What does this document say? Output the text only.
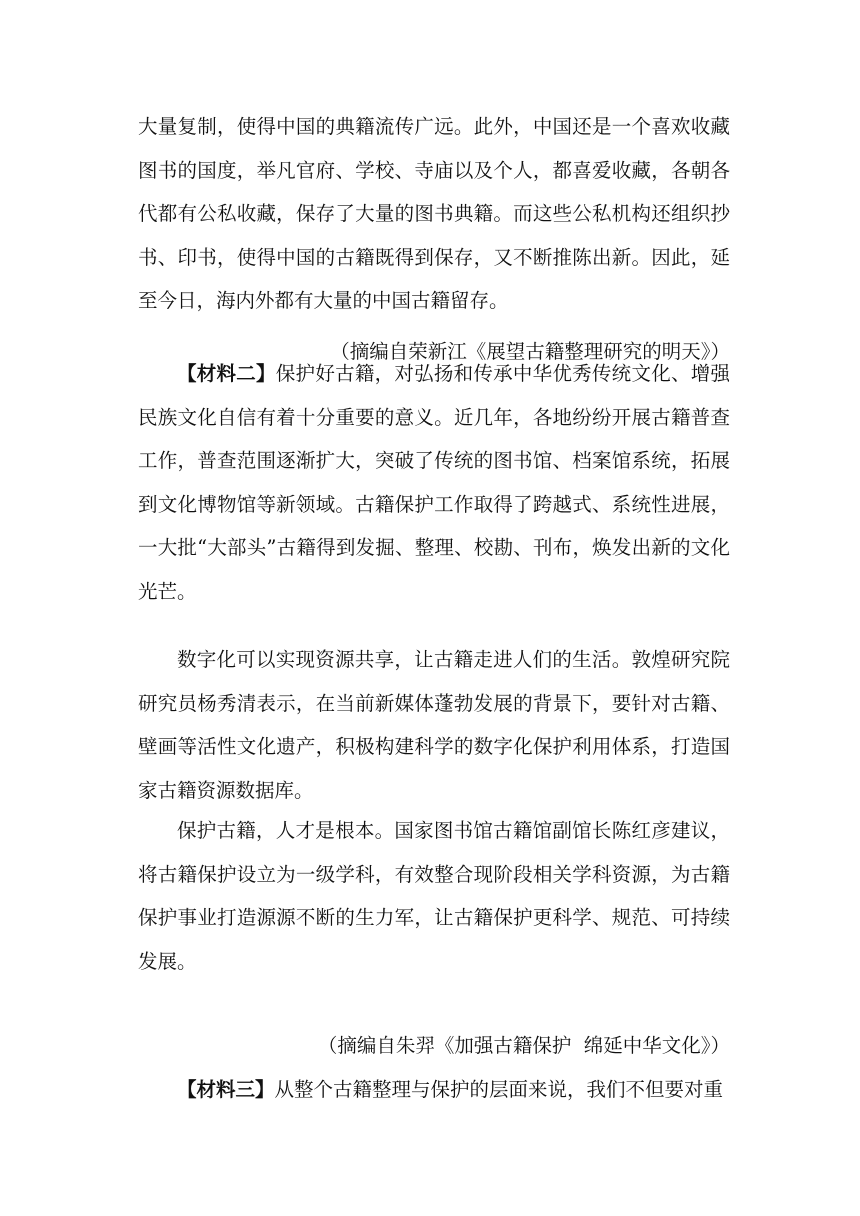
大量复制，使得中国的典籍流传广远。此外，中国还是一个喜欢收藏图书的国度，举凡官府、学校、寺庙以及个人，都喜爱收藏，各朝各代都有公私收藏，保存了大量的图书典籍。而这些公私机构还组织抄书、印书，使得中国的古籍既得到保存，又不断推陈出新。因此，延至今日，海内外都有大量的中国古籍留存。

（摘编自荣新江《展望古籍整理研究的明天》）

【材料二】保护好古籍，对弘扬和传承中华优秀传统文化、增强民族文化自信有着十分重要的意义。近几年，各地纷纷开展古籍普查工作，普查范围逐渐扩大，突破了传统的图书馆、档案馆系统，拓展到文化博物馆等新领域。古籍保护工作取得了跨越式、系统性进展，一大批“大部头”古籍得到发掘、整理、校勘、刊布，焕发出新的文化光芒。

数字化可以实现资源共享，让古籍走进人们的生活。敦煌研究院研究员杨秀清表示，在当前新媒体蓬勃发展的背景下，要针对古籍、壁画等活性文化遗产，积极构建科学的数字化保护利用体系，打造国家古籍资源数据库。

保护古籍，人才是根本。国家图书馆古籍馆副馆长陈红彦建议，将古籍保护设立为一级学科，有效整合现阶段相关学科资源，为古籍保护事业打造源源不断的生力军，让古籍保护更科学、规范、可持续发展。

（摘编自朱羿《加强古籍保护  绵延中华文化》）

【材料三】从整个古籍整理与保护的层面来说，我们不但要对重
